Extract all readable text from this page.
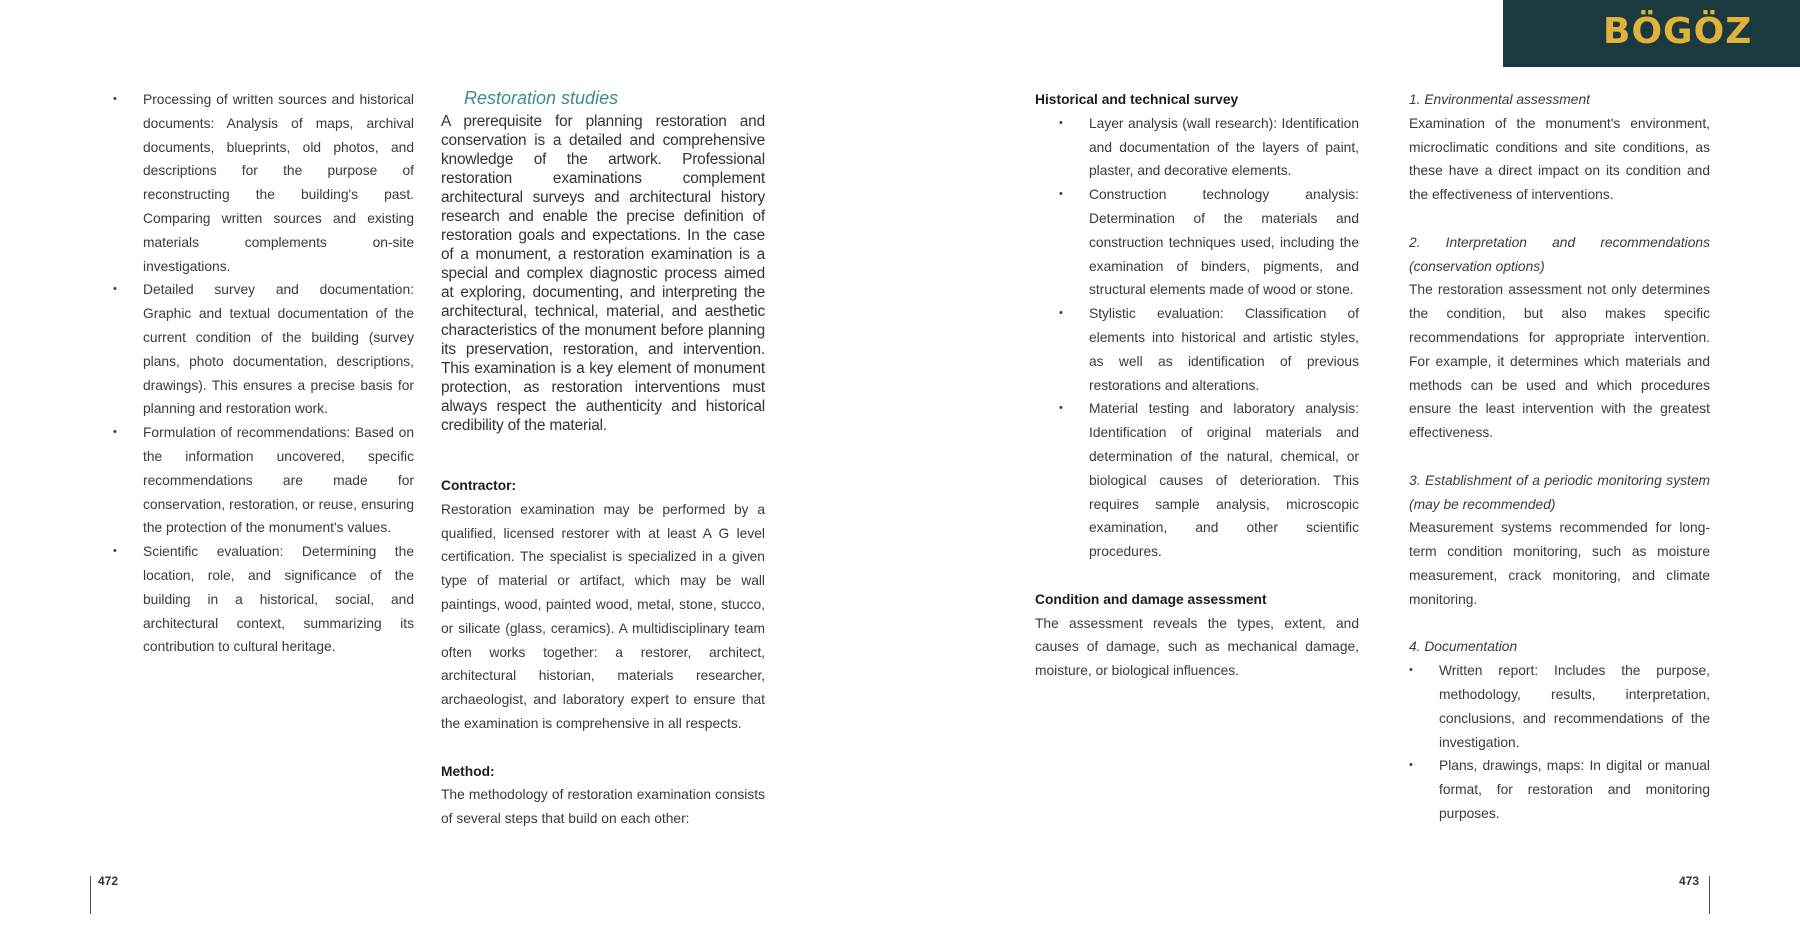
BÖGÖZ
• Processing of written sources and historical documents: Analysis of maps, archival documents, blueprints, old photos, and descriptions for the purpose of reconstructing the building's past. Comparing written sources and existing materials complements on-site investigations.
• Detailed survey and documentation: Graphic and textual documentation of the current condition of the building (survey plans, photo documentation, descriptions, drawings). This ensures a precise basis for planning and restoration work.
• Formulation of recommendations: Based on the information uncovered, specific recommendations are made for conservation, restoration, or reuse, ensuring the protection of the monument's values.
• Scientific evaluation: Determining the location, role, and significance of the building in a historical, social, and architectural context, summarizing its contribution to cultural heritage.

Restoration studies

A prerequisite for planning restoration and conservation is a detailed and comprehensive knowledge of the artwork. Professional restoration examinations complement architectural surveys and architectural history research and enable the precise definition of restoration goals and expectations. In the case of a monument, a restoration examination is a special and complex diagnostic process aimed at exploring, documenting, and interpreting the architectural, technical, material, and aesthetic characteristics of the monument before planning its preservation, restoration, and intervention. This examination is a key element of monument protection, as restoration interventions must always respect the authenticity and historical credibility of the material.

Contractor:

Restoration examination may be performed by a qualified, licensed restorer with at least A G level certification. The specialist is specialized in a given type of material or artifact, which may be wall paintings, wood, painted wood, metal, stone, stucco, or silicate (glass, ceramics). A multidisciplinary team often works together: a restorer, architect, architectural historian, materials researcher, archaeologist, and laboratory expert to ensure that the examination is comprehensive in all respects.

Method:

The methodology of restoration examination consists of several steps that build on each other:

Historical and technical survey

• Layer analysis (wall research): Identification and documentation of the layers of paint, plaster, and decorative elements.
• Construction technology analysis: Determination of the materials and construction techniques used, including the examination of binders, pigments, and structural elements made of wood or stone.
• Stylistic evaluation: Classification of elements into historical and artistic styles, as well as identification of previous restorations and alterations.
• Material testing and laboratory analysis: Identification of original materials and determination of the natural, chemical, or biological causes of deterioration. This requires sample analysis, microscopic examination, and other scientific procedures.

Condition and damage assessment

The assessment reveals the types, extent, and causes of damage, such as mechanical damage, moisture, or biological influences.

1. Environmental assessment

Examination of the monument's environment, microclimatic conditions and site conditions, as these have a direct impact on its condition and the effectiveness of interventions.

2. Interpretation and recommendations (conservation options)

The restoration assessment not only determines the condition, but also makes specific recommendations for appropriate intervention. For example, it determines which materials and methods can be used and which procedures ensure the least intervention with the greatest effectiveness.

3. Establishment of a periodic monitoring system (may be recommended)

Measurement systems recommended for long-term condition monitoring, such as moisture measurement, crack monitoring, and climate monitoring.

4. Documentation

• Written report: Includes the purpose, methodology, results, interpretation, conclusions, and recommendations of the investigation.
• Plans, drawings, maps: In digital or manual format, for restoration and monitoring purposes.
472	473
